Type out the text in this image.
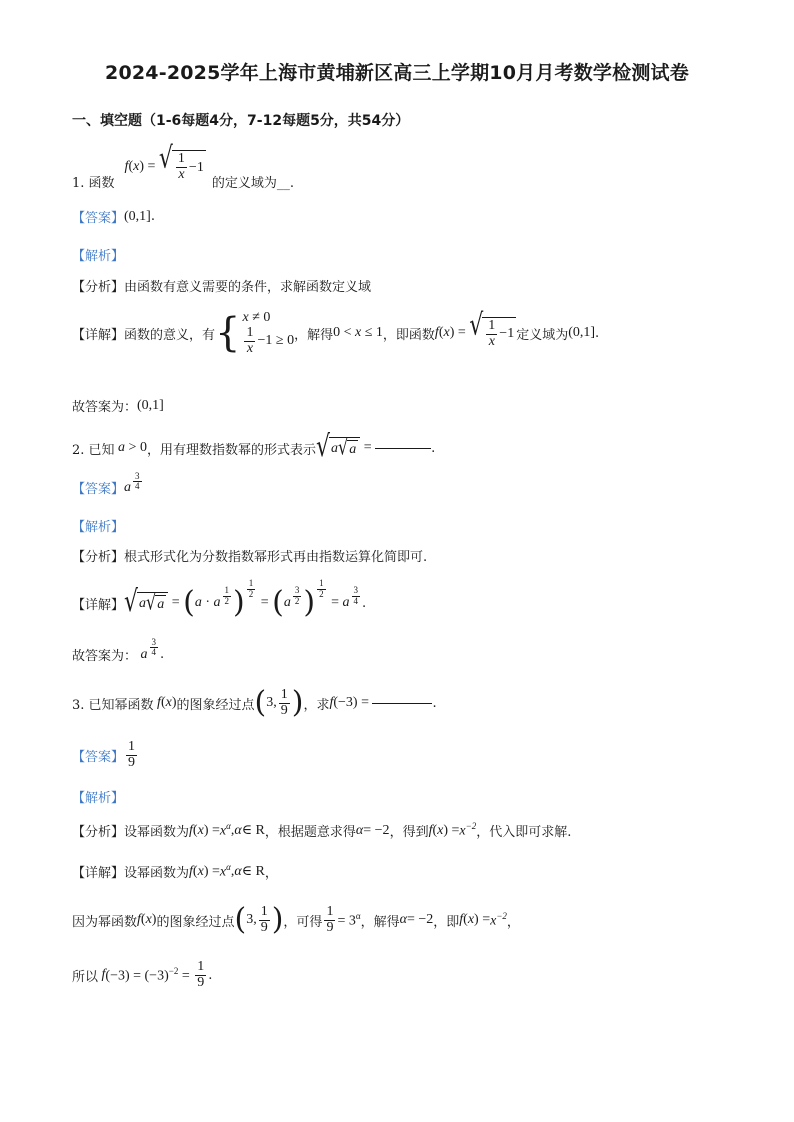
2024-2025学年上海市黄埔新区高三上学期10月月考数学检测试卷
一、填空题（1-6每题4分，7-12每题5分，共54分）
1. 函数
f ( x ) = √ $\frac{1}{x} -1$
的定义域为__.
【答案】 (0,1] .
【解析】
【分析】 由函数有意义需要的条件，求解函数定义域
【详解】 函数的意义，有 { x ≠ 0
$\frac{1}{x} -1 \ge 0$ ，解得 0 < x ≤ 1 ，即函数 f ( x ) = √ $\frac{1}{x} -1$ 定义域为 (0,1] .
故答案为： (0,1]
2. 已知 a > 0 ，用有理数指数幂的形式表示 √ a √ a =	.
【答案】 a $\frac{3}{4}$
【解析】
【分析】 根式形式化为分数指数幂形式再由指数运算化简即可.
【详解】 √ a √ a = ( a · a $\frac{1}{2}$ ) $\frac{1}{2}$
= ( a $\frac{3}{2}$ ) $\frac{1}{2}$
= a $\frac{3}{4}$ .
故答案为： a $\frac{3}{4}$ .
3. 已知幂函数 f ( x ) 的图象经过点 ( 3, $\frac{1}{9}$ ) ，求 f (−3) =	.
【答案】 $\frac{1}{9}$
【解析】
【分析】 设幂函数为 f ( x ) = $x^\alpha$ , α ∈ R ，根据题意求得 α = −2 ，得到 f ( x ) = $x^{-2}$ ，代入即可求解.
【详解】 设幂函数为 f ( x ) = $x^\alpha$ , α ∈ R ，
因为幂函数 f ( x ) 的图象经过点 ( 3, $\frac{1}{9}$ ) ，可得 $\frac{1}{9} = 3^\alpha$ ，解得 α = −2 ，即 f ( x ) = $x^{-2}$ ，
所以 f $(-3) = (-3)^{-2} = \frac{1}{9}$ .
